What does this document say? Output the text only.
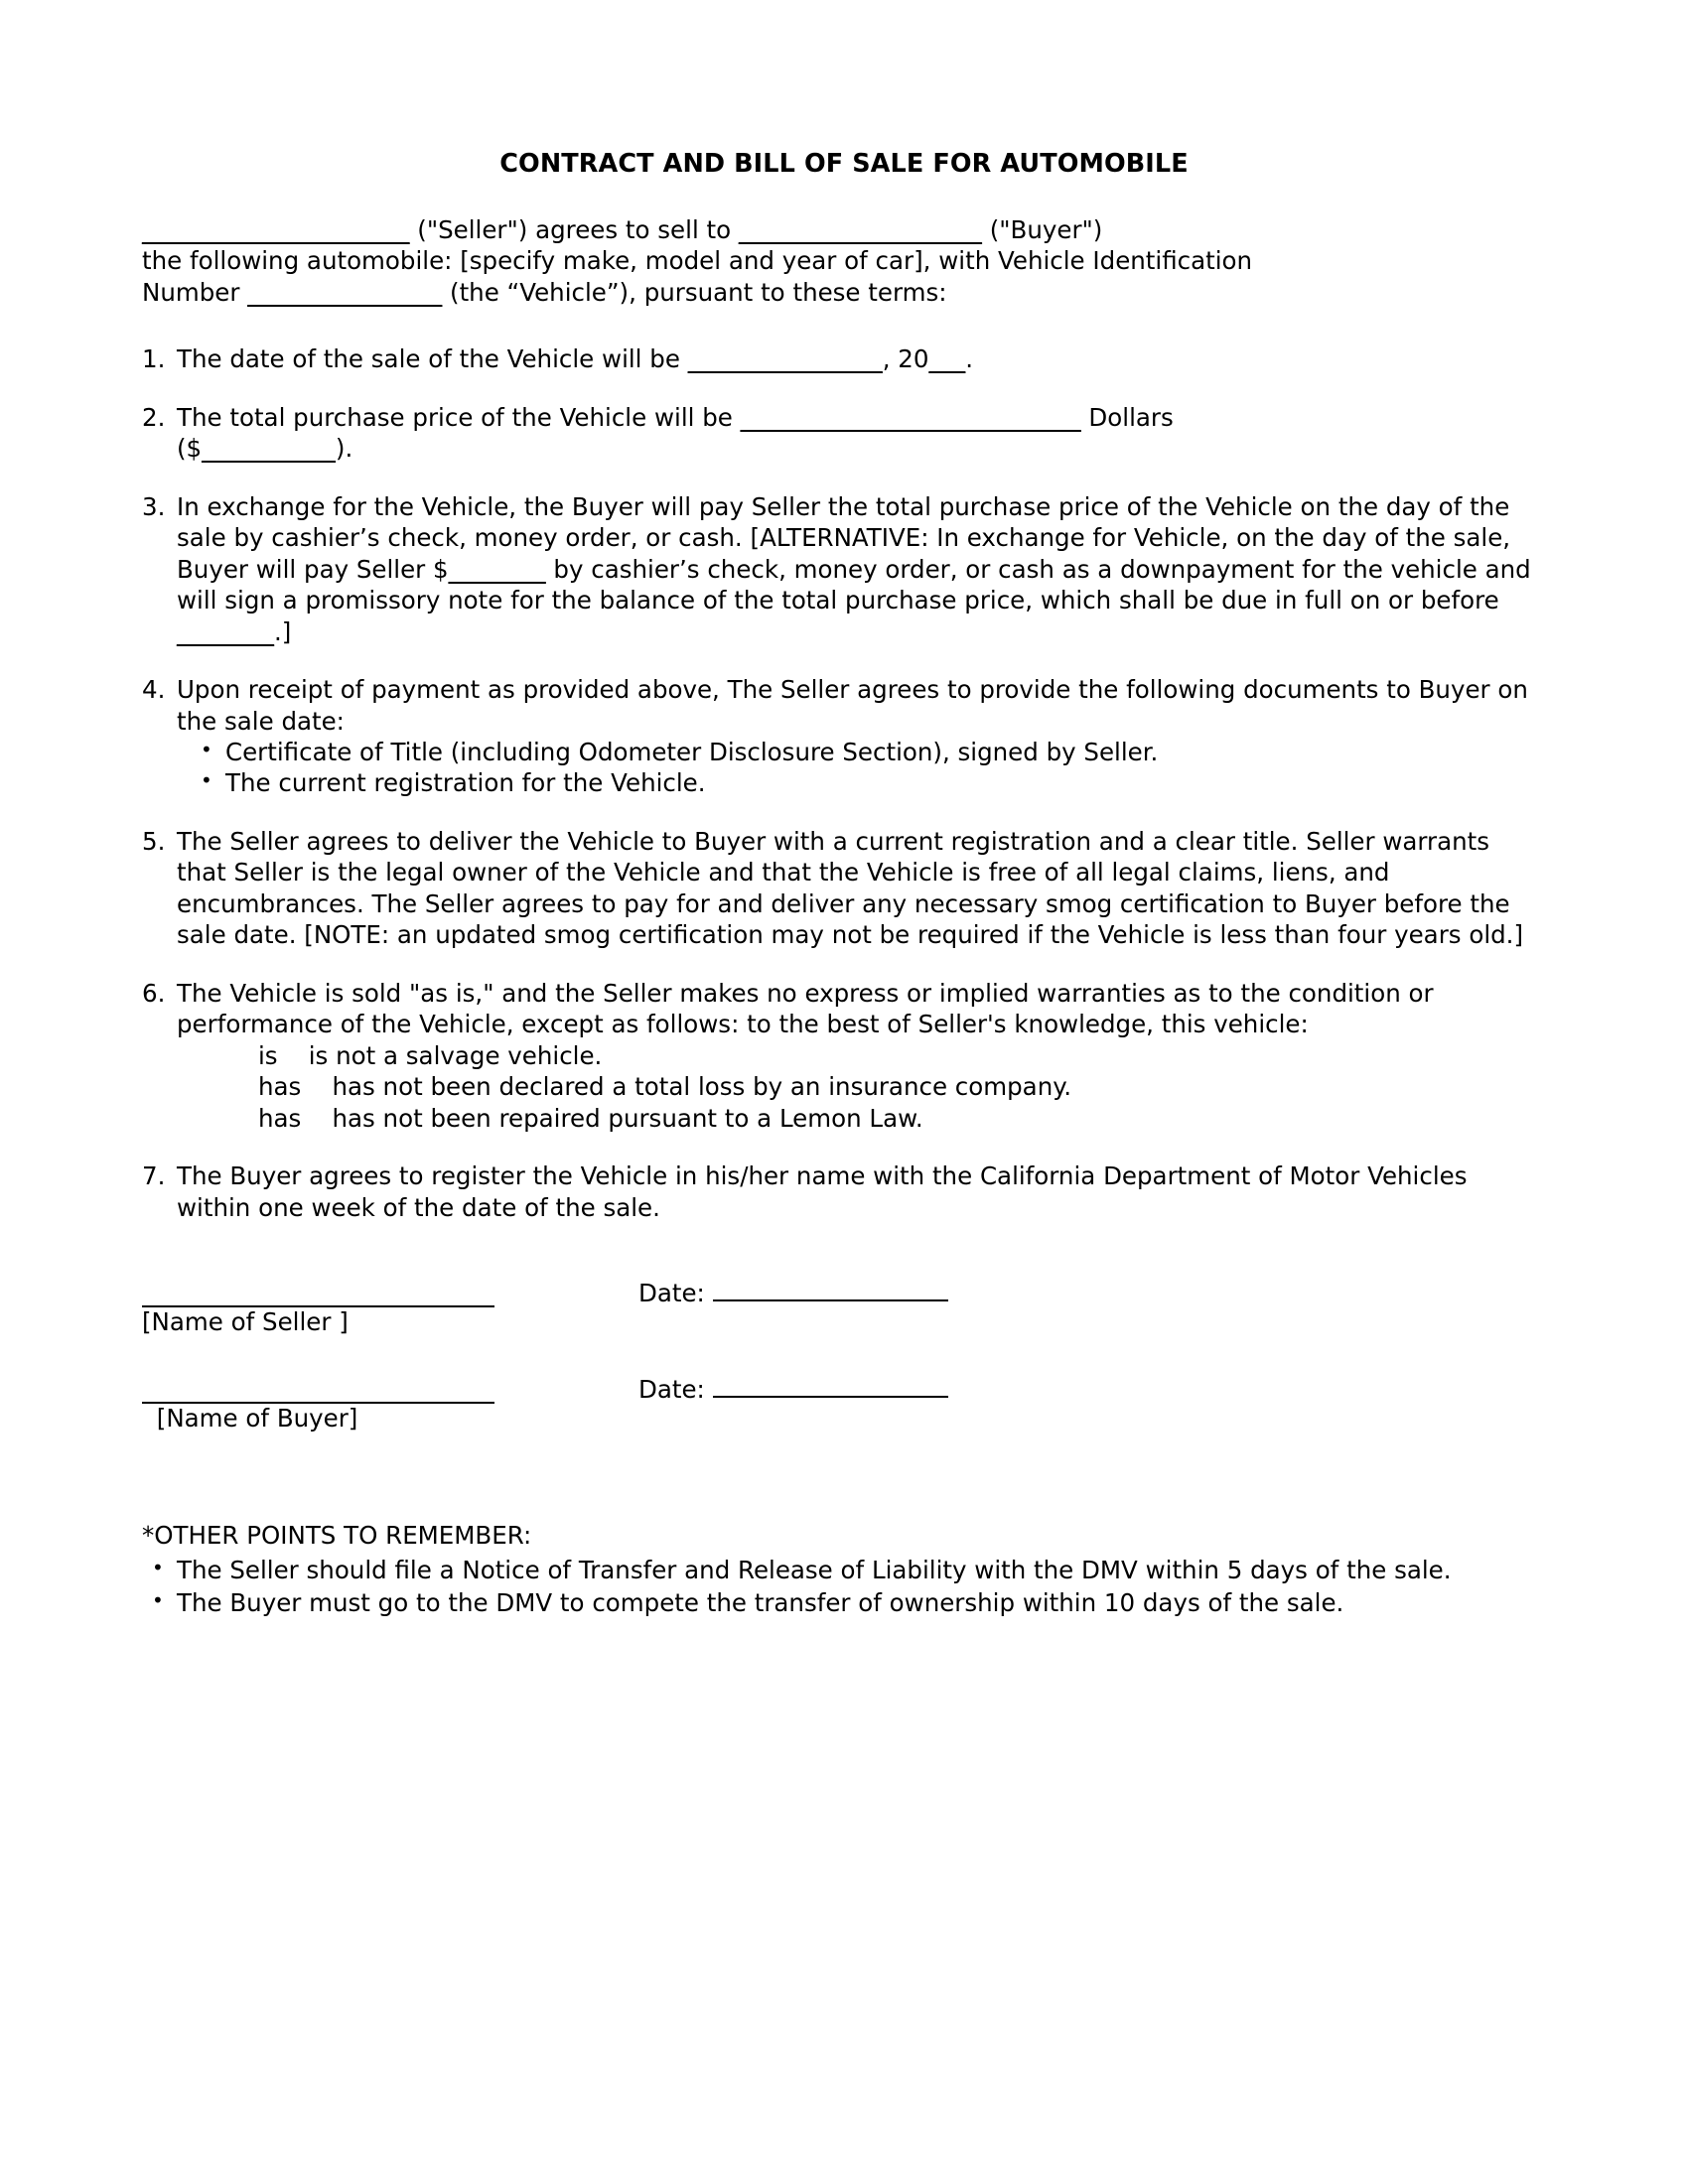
CONTRACT AND BILL OF SALE FOR AUTOMOBILE
______________________ ("Seller") agrees to sell to ____________________ ("Buyer")
the following automobile: [specify make, model and year of car], with Vehicle Identification
Number ________________ (the “Vehicle”), pursuant to these terms:
1. The date of the sale of the Vehicle will be ________________, 20___.
2. The total purchase price of the Vehicle will be ____________________________ Dollars
($___________).
3. In exchange for the Vehicle, the Buyer will pay Seller the total purchase price of the Vehicle on the day of the sale by cashier’s check, money order, or cash. [ALTERNATIVE: In exchange for Vehicle, on the day of the sale, Buyer will pay Seller $________ by cashier’s check, money order, or cash as a downpayment for the vehicle and will sign a promissory note for the balance of the total purchase price, which shall be due in full on or before ________.]
4. Upon receipt of payment as provided above, The Seller agrees to provide the following documents to Buyer on the sale date:
• Certificate of Title (including Odometer Disclosure Section), signed by Seller.
• The current registration for the Vehicle.
5. The Seller agrees to deliver the Vehicle to Buyer with a current registration and a clear title. Seller warrants that Seller is the legal owner of the Vehicle and that the Vehicle is free of all legal claims, liens, and encumbrances. The Seller agrees to pay for and deliver any necessary smog certification to Buyer before the sale date. [NOTE: an updated smog certification may not be required if the Vehicle is less than four years old.]
6. The Vehicle is sold "as is," and the Seller makes no express or implied warranties as to the condition or performance of the Vehicle, except as follows: to the best of Seller's knowledge, this vehicle:
is    is not a salvage vehicle.
has    has not been declared a total loss by an insurance company.
has    has not been repaired pursuant to a Lemon Law.
7. The Buyer agrees to register the Vehicle in his/her name with the California Department of Motor Vehicles within one week of the date of the sale.
[Name of Seller ]
Date:
[Name of Buyer]
Date:
*OTHER POINTS TO REMEMBER:
• The Seller should file a Notice of Transfer and Release of Liability with the DMV within 5 days of the sale.
• The Buyer must go to the DMV to compete the transfer of ownership within 10 days of the sale.
